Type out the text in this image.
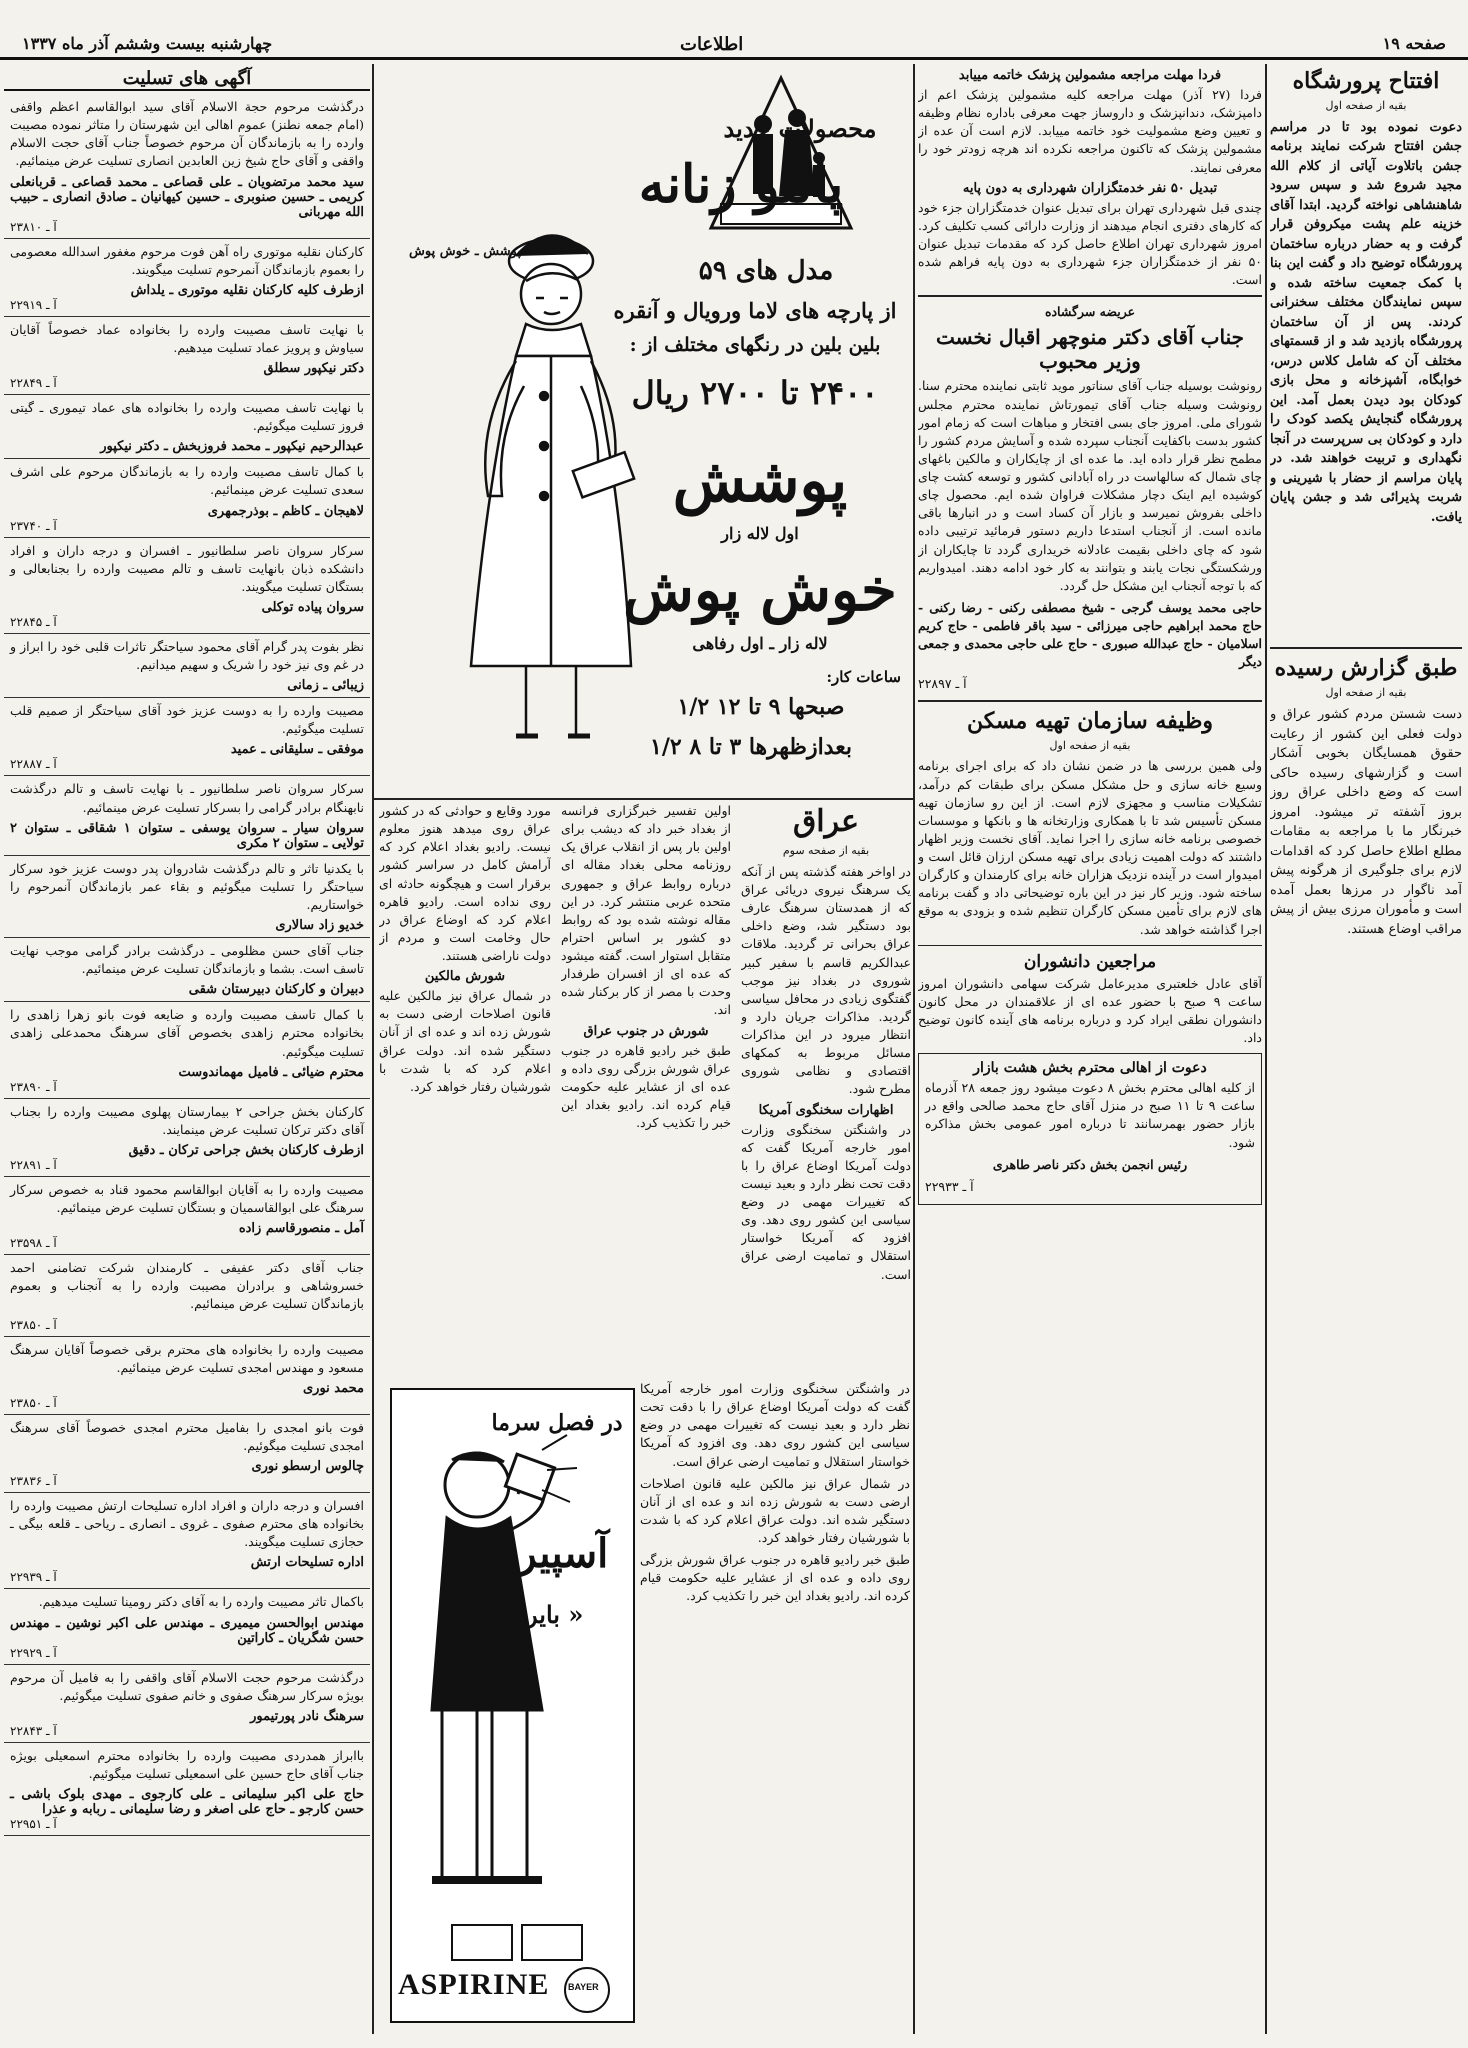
صفحه ۱۹
اطلاعات
چهارشنبه بیست وششم آذر ماه ۱۳۳۷
افتتاح پرورشگاه

بقیه از صفحه اول

دعوت نموده بود تا در مراسم جشن افتتاح شرکت نمایند برنامه جشن باتلاوت آیاتی از کلام الله مجید شروع شد و سپس سرود شاهنشاهی نواخته گردید. ابتدا آقای خزینه علم پشت میکروفن قرار گرفت و به حضار درباره ساختمان پرورشگاه توضیح داد و گفت این بنا با کمک جمعیت ساخته شده و سپس نمایندگان مختلف سخنرانی کردند. پس از آن ساختمان پرورشگاه بازدید شد و از قسمتهای مختلف آن که شامل کلاس درس، خوابگاه، آشپزخانه و محل بازی کودکان بود دیدن بعمل آمد. این پرورشگاه گنجایش یکصد کودک را دارد و کودکان بی سرپرست در آنجا نگهداری و تربیت خواهند شد. در پایان مراسم از حضار با شیرینی و شربت پذیرائی شد و جشن پایان یافت.

طبق گزارش رسیده

بقیه از صفحه اول

دست شستن مردم کشور عراق و دولت فعلی این کشور از رعایت حقوق همسایگان بخوبی آشکار است و گزارشهای رسیده حاکی است که وضع داخلی عراق روز بروز آشفته تر میشود. امروز خبرنگار ما با مراجعه به مقامات مطلع اطلاع حاصل کرد که اقدامات لازم برای جلوگیری از هرگونه پیش آمد ناگوار در مرزها بعمل آمده است و مأموران مرزی بیش از پیش مراقب اوضاع هستند.

فردا مهلت مراجعه مشمولین پزشک خاتمه مییابد

فردا (۲۷ آذر) مهلت مراجعه کلیه مشمولین پزشک اعم از دامپزشک، دندانپزشک و داروساز جهت معرفی باداره نظام وظیفه و تعیین وضع مشمولیت خود خاتمه مییابد. لازم است آن عده از مشمولین پزشک که تاکنون مراجعه نکرده اند هرچه زودتر خود را معرفی نمایند.

تبدیل ۵۰ نفر خدمتگزاران شهرداری به دون پایه

چندی قبل شهرداری تهران برای تبدیل عنوان خدمتگزاران جزء خود که کارهای دفتری انجام میدهند از وزارت دارائی کسب تکلیف کرد. امروز شهرداری تهران اطلاع حاصل کرد که مقدمات تبدیل عنوان ۵۰ نفر از خدمتگزاران جزء شهرداری به دون پایه فراهم شده است.

عریضه سرگشاده

جناب آقای دکتر منوچهر اقبال نخست وزیر محبوب

رونوشت بوسیله جناب آقای سناتور موید ثابتی نماینده محترم سنا. رونوشت وسیله جناب آقای تیمورتاش نماینده محترم مجلس شورای ملی. امروز جای بسی افتخار و مباهات است که زمام امور کشور بدست باکفایت آنجناب سپرده شده و آسایش مردم کشور را مطمح نظر قرار داده اید. ما عده ای از چایکاران و مالکین باغهای چای شمال که سالهاست در راه آبادانی کشور و توسعه کشت چای کوشیده ایم اینک دچار مشکلات فراوان شده ایم. محصول چای داخلی بفروش نمیرسد و بازار آن کساد است و در انبارها باقی مانده است. از آنجناب استدعا داریم دستور فرمائید ترتیبی داده شود که چای داخلی بقیمت عادلانه خریداری گردد تا چایکاران از ورشکستگی نجات یابند و بتوانند به کار خود ادامه دهند. امیدواریم که با توجه آنجناب این مشکل حل گردد.

حاجی محمد یوسف گرجی - شیخ مصطفی رکنی - رضا رکنی - حاج محمد ابراهیم حاجی میرزائی - سید باقر فاطمی - حاج کریم اسلامیان - حاج عبدالله صبوری - حاج علی حاجی محمدی و جمعی دیگر

آ ـ ۲۲۸۹۷

وظیفه سازمان تهیه مسکن

بقیه از صفحه اول

ولی همین بررسی ها در ضمن نشان داد که برای اجرای برنامه وسیع خانه سازی و حل مشکل مسکن برای طبقات کم درآمد، تشکیلات مناسب و مجهزی لازم است. از این رو سازمان تهیه مسکن تأسیس شد تا با همکاری وزارتخانه ها و بانکها و موسسات خصوصی برنامه خانه سازی را اجرا نماید. آقای نخست وزیر اظهار داشتند که دولت اهمیت زیادی برای تهیه مسکن ارزان قائل است و امیدوار است در آینده نزدیک هزاران خانه برای کارمندان و کارگران ساخته شود. وزیر کار نیز در این باره توضیحاتی داد و گفت برنامه های لازم برای تأمین مسکن کارگران تنظیم شده و بزودی به موقع اجرا گذاشته خواهد شد.

مراجعین دانشوران

آقای عادل خلعتبری مدیرعامل شرکت سهامی دانشوران امروز ساعت ۹ صبح با حضور عده ای از علاقمندان در محل کانون دانشوران نطقی ایراد کرد و درباره برنامه های آینده کانون توضیح داد.

دعوت از اهالی محترم بخش هشت بازار

از کلیه اهالی محترم بخش ۸ دعوت میشود روز جمعه ۲۸ آذرماه ساعت ۹ تا ۱۱ صبح در منزل آقای حاج محمد صالحی واقع در بازار حضور بهمرسانند تا درباره امور عمومی بخش مذاکره شود.

رئیس انجمن بخش دکتر ناصر طاهری

آ ـ ۲۲۹۳۳

محصولات جدید
پوشش ـ خوش پوش
پالتو زنانه
مدل های ۵۹
از پارچه های لاما ورویال و آنقره
بلین بلین در رنگهای مختلف از :
۲۴۰۰ تا ۲۷۰۰ ریال
پوشش
اول لاله زار
خوش پوش
لاله زار ـ اول رفاهی
ساعات کار:
صبحها ۹ تا ۱۲ ۱/۲
بعدازظهرها ۳ تا ۸ ۱/۲
عراق

بقیه از صفحه سوم

در اواخر هفته گذشته پس از آنکه یک سرهنگ نیروی دریائی عراق که از همدستان سرهنگ عارف بود دستگیر شد، وضع داخلی عراق بحرانی تر گردید. ملاقات عبدالکریم قاسم با سفیر کبیر شوروی در بغداد نیز موجب گفتگوی زیادی در محافل سیاسی گردید. مذاکرات جریان دارد و انتظار میرود در این مذاکرات مسائل مربوط به کمکهای اقتصادی و نظامی شوروی مطرح شود.

اظهارات سخنگوی آمریکا

در واشنگتن سخنگوی وزارت امور خارجه آمریکا گفت که دولت آمریکا اوضاع عراق را با دقت تحت نظر دارد و بعید نیست که تغییرات مهمی در وضع سیاسی این کشور روی دهد. وی افزود که آمریکا خواستار استقلال و تمامیت ارضی عراق است.

اولین تفسیر خبرگزاری فرانسه از بغداد خبر داد که دیشب برای اولین بار پس از انقلاب عراق یک روزنامه محلی بغداد مقاله ای درباره روابط عراق و جمهوری متحده عربی منتشر کرد. در این مقاله نوشته شده بود که روابط دو کشور بر اساس احترام متقابل استوار است. گفته میشود که عده ای از افسران طرفدار وحدت با مصر از کار برکنار شده اند.

شورش در جنوب عراق

طبق خبر رادیو قاهره در جنوب عراق شورش بزرگی روی داده و عده ای از عشایر علیه حکومت قیام کرده اند. رادیو بغداد این خبر را تکذیب کرد.

مورد وقایع و حوادثی که در کشور عراق روی میدهد هنوز معلوم نیست. رادیو بغداد اعلام کرد که آرامش کامل در سراسر کشور برقرار است و هیچگونه حادثه ای روی نداده است. رادیو قاهره اعلام کرد که اوضاع عراق در حال وخامت است و مردم از دولت ناراضی هستند.

شورش مالکین

در شمال عراق نیز مالکین علیه قانون اصلاحات ارضی دست به شورش زده اند و عده ای از آنان دستگیر شده اند. دولت عراق اعلام کرد که با شدت با شورشیان رفتار خواهد کرد.

در فصل سرما
آسپیرین
« بایر »
ASPIRINE BAYER

در واشنگتن سخنگوی وزارت امور خارجه آمریکا گفت که دولت آمریکا اوضاع عراق را با دقت تحت نظر دارد و بعید نیست که تغییرات مهمی در وضع سیاسی این کشور روی دهد. وی افزود که آمریکا خواستار استقلال و تمامیت ارضی عراق است.

در شمال عراق نیز مالکین علیه قانون اصلاحات ارضی دست به شورش زده اند و عده ای از آنان دستگیر شده اند. دولت عراق اعلام کرد که با شدت با شورشیان رفتار خواهد کرد.

طبق خبر رادیو قاهره در جنوب عراق شورش بزرگی روی داده و عده ای از عشایر علیه حکومت قیام کرده اند. رادیو بغداد این خبر را تکذیب کرد.

آگهی های تسلیت

درگذشت مرحوم حجة الاسلام آقای سید ابوالقاسم اعظم واقفی (امام جمعه نطنز) عموم اهالی این شهرستان را متاثر نموده مصیبت وارده را به بازماندگان آن مرحوم خصوصاً جناب آقای حجت الاسلام واقفی و آقای حاج شیخ زین العابدین انصاری تسلیت عرض مینمائیم.

سید محمد مرتضویان ـ علی قصاعی ـ محمد قصاعی ـ قربانعلی کریمی ـ حسین صنوبری ـ حسین کیهانیان ـ صادق انصاری ـ حبیب الله مهربانی
آ ـ ۲۳۸۱۰

کارکنان نقلیه موتوری راه آهن فوت مرحوم مغفور اسدالله معصومی را بعموم بازماندگان آنمرحوم تسلیت میگویند.

ازطرف کلیه کارکنان نقلیه موتوری ـ یلداش
آ ـ ۲۲۹۱۹

با نهایت تاسف مصیبت وارده را بخانواده عماد خصوصاً آقایان سیاوش و پرویز عماد تسلیت میدهیم.

دکتر نیکپور سطلق
آ ـ ۲۲۸۴۹

با نهایت تاسف مصیبت وارده را بخانواده های عماد تیموری ـ گیتی فروز تسلیت میگوئیم.

عبدالرحیم نیکپور ـ محمد فروزبخش ـ دکتر نیکپور

با کمال تاسف مصیبت وارده را به بازماندگان مرحوم علی اشرف سعدی تسلیت عرض مینمائیم.

لاهیجان ـ کاظم ـ بوذرجمهری
آ ـ ۲۳۷۴۰

سرکار سروان ناصر سلطانیور ـ افسران و درجه داران و افراد دانشکده ذبان بانهایت تاسف و تالم مصیبت وارده را بجنابعالی و بستگان تسلیت میگویند.

سروان پیاده توکلی
آ ـ ۲۲۸۴۵

نظر بفوت پدر گرام آقای محمود سیاحتگر تاثرات قلبی خود را ابراز و در غم وی نیز خود را شریک و سهیم میدانیم.

زیبائی ـ زمانی

مصیبت وارده را به دوست عزیز خود آقای سیاحتگر از صمیم قلب تسلیت میگوئیم.

موفقی ـ سلیقانی ـ عمید
آ ـ ۲۲۸۸۷

سرکار سروان ناصر سلطانیور ـ با نهایت تاسف و تالم درگذشت نابهنگام برادر گرامی را بسرکار تسلیت عرض مینمائیم.

سروان سیار ـ سروان یوسفی ـ ستوان ۱ شقاقی ـ ستوان ۲ تولایی ـ ستوان ۲ مکری

با یکدنیا تاثر و تالم درگذشت شادروان پدر دوست عزیز خود سرکار سیاحتگر را تسلیت میگوئیم و بقاء عمر بازماندگان آنمرحوم را خواستاریم.

خدیو زاد سالاری

جناب آقای حسن مظلومی ـ درگذشت برادر گرامی موجب نهایت تاسف است. بشما و بازماندگان تسلیت عرض مینمائیم.

دبیران و کارکنان دبیرستان شقی

با کمال تاسف مصیبت وارده و ضایعه فوت بانو زهرا زاهدی را بخانواده محترم زاهدی بخصوص آقای سرهنگ محمدعلی زاهدی تسلیت میگوئیم.

محترم ضیائی ـ فامیل مهماندوست
آ ـ ۲۳۸۹۰

کارکنان بخش جراحی ۲ بیمارستان پهلوی مصیبت وارده را بجناب آقای دکتر ترکان تسلیت عرض مینمایند.

ازطرف کارکنان بخش جراحی ترکان ـ دقیق
آ ـ ۲۲۸۹۱

مصیبت وارده را به آقایان ابوالقاسم محمود قناد به خصوص سرکار سرهنگ علی ابوالقاسمیان و بستگان تسلیت عرض مینمائیم.

آمل ـ منصورقاسم زاده
آ ـ ۲۳۵۹۸

جناب آقای دکتر عفیفی ـ کارمندان شرکت تضامنی احمد خسروشاهی و برادران مصیبت وارده را به آنجناب و بعموم بازماندگان تسلیت عرض مینمائیم.

آ ـ ۲۳۸۵۰

مصیبت وارده را بخانواده های محترم برقی خصوصاً آقایان سرهنگ مسعود و مهندس امجدی تسلیت عرض مینمائیم.

محمد نوری
آ ـ ۲۳۸۵۰

فوت بانو امجدی را بفامیل محترم امجدی خصوصاً آقای سرهنگ امجدی تسلیت میگوئیم.

چالوس ارسطو نوری
آ ـ ۲۳۸۳۶

افسران و درجه داران و افراد اداره تسلیحات ارتش مصیبت وارده را بخانواده های محترم صفوی ـ غروی ـ انصاری ـ ریاحی ـ قلعه بیگی ـ حجازی تسلیت میگویند.

اداره تسلیحات ارتش
آ ـ ۲۲۹۳۹

باکمال تاثر مصیبت وارده را به آقای دکتر رومینا تسلیت میدهیم.

مهندس ابوالحسن میمیری ـ مهندس علی اکبر نوشین ـ مهندس حسن شگریان ـ کاراتین
آ ـ ۲۲۹۲۹

درگذشت مرحوم حجت الاسلام آقای واقفی را به فامیل آن مرحوم بویژه سرکار سرهنگ صفوی و خانم صفوی تسلیت میگوئیم.

سرهنگ نادر پورتیمور
آ ـ ۲۲۸۴۳

باابراز همدردی مصیبت وارده را بخانواده محترم اسمعیلی بویژه جناب آقای حاج حسین علی اسمعیلی تسلیت میگوئیم.

حاج علی اکبر سلیمانی ـ علی کارجوی ـ مهدی بلوک باشی ـ حسن کارجو ـ حاج علی اصغر و رضا سلیمانی ـ ربابه و عذرا
آ ـ ۲۲۹۵۱
